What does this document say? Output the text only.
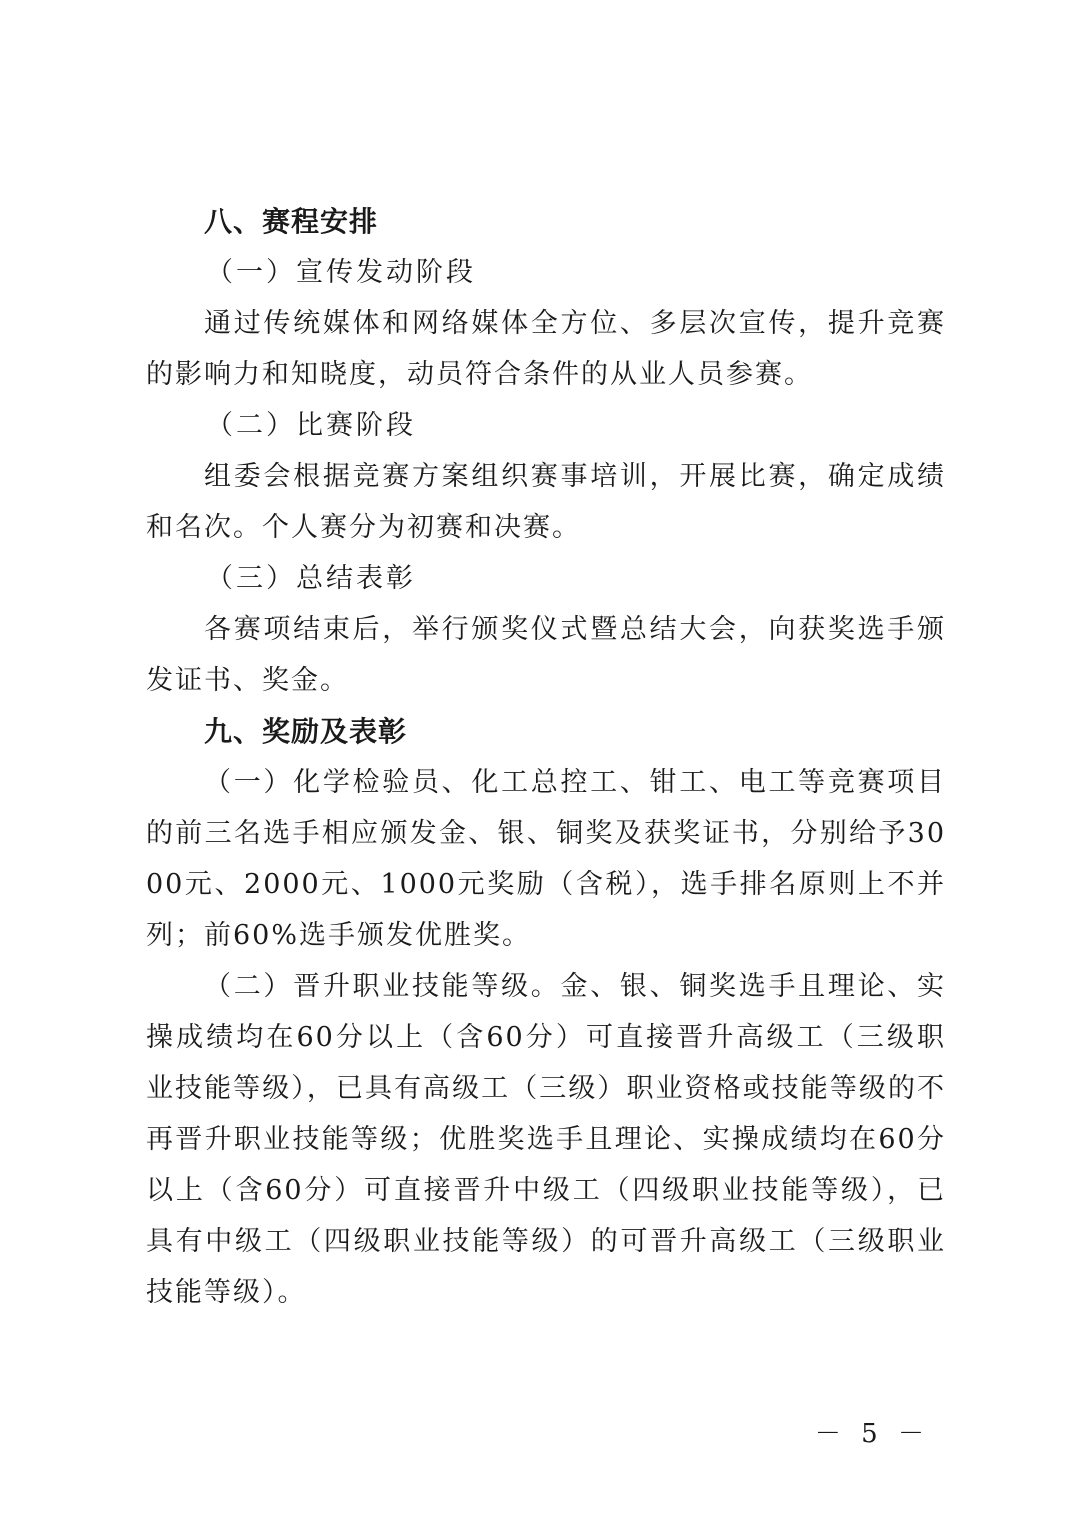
八、赛程安排
（一）宣传发动阶段
通过传统媒体和网络媒体全方位、多层次宣传，提升竞赛的影响力和知晓度，动员符合条件的从业人员参赛。
（二）比赛阶段
组委会根据竞赛方案组织赛事培训，开展比赛，确定成绩和名次。个人赛分为初赛和决赛。
（三）总结表彰
各赛项结束后，举行颁奖仪式暨总结大会，向获奖选手颁发证书、奖金。
九、奖励及表彰
（一）化学检验员、化工总控工、钳工、电工等竞赛项目的前三名选手相应颁发金、银、铜奖及获奖证书，分别给予3000元、2000元、1000元奖励（含税），选手排名原则上不并列；前60%选手颁发优胜奖。
（二）晋升职业技能等级。金、银、铜奖选手且理论、实操成绩均在60分以上（含60分）可直接晋升高级工（三级职业技能等级），已具有高级工（三级）职业资格或技能等级的不再晋升职业技能等级；优胜奖选手且理论、实操成绩均在60分以上（含60分）可直接晋升中级工（四级职业技能等级），已具有中级工（四级职业技能等级）的可晋升高级工（三级职业技能等级）。
－ 5 －
